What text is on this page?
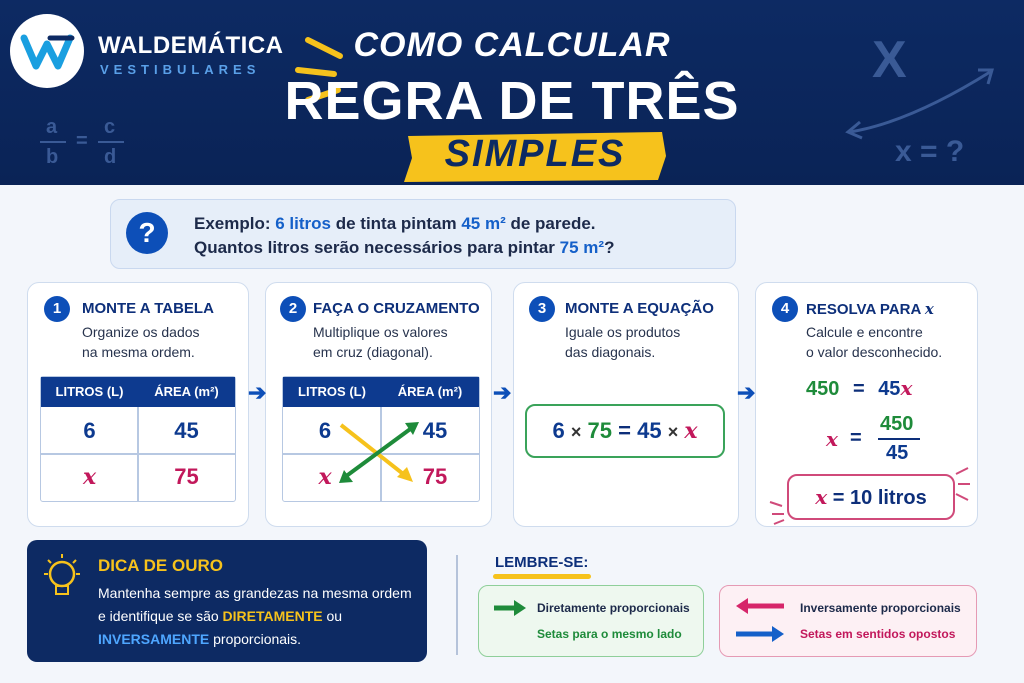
WALDEMÁTICA
VESTIBULARES
a
b
=
c
d
X
x = ?
COMO CALCULAR
REGRA DE TRÊS
SIMPLES
?	Exemplo: 6 litros de tinta pintam 45 m² de parede.
Quantos litros serão necessários para pintar 75 m²?
1	MONTE A TABELA
Organize os dados
na mesma ordem.
LITROS (L)	ÁREA (m²)
6	45
x	75
➔
2	FAÇA O CRUZAMENTO
Multiplique os valores
em cruz (diagonal).
LITROS (L)	ÁREA (m²)
6	45
x	75
➔
3	MONTE A EQUAÇÃO
Iguale os produtos
das diagonais.
6 × 75 = 45 × x
➔
4	RESOLVA PARA x
Calcule e encontre
o valor desconhecido.
450 = 45x
x =
450
45
x = 10 litros
DICA DE OURO
Mantenha sempre as grandezas na mesma ordem
e identifique se são DIRETAMENTE ou
INVERSAMENTE proporcionais.
LEMBRE-SE:
Diretamente proporcionais
Setas para o mesmo lado
Inversamente proporcionais
Setas em sentidos opostos
